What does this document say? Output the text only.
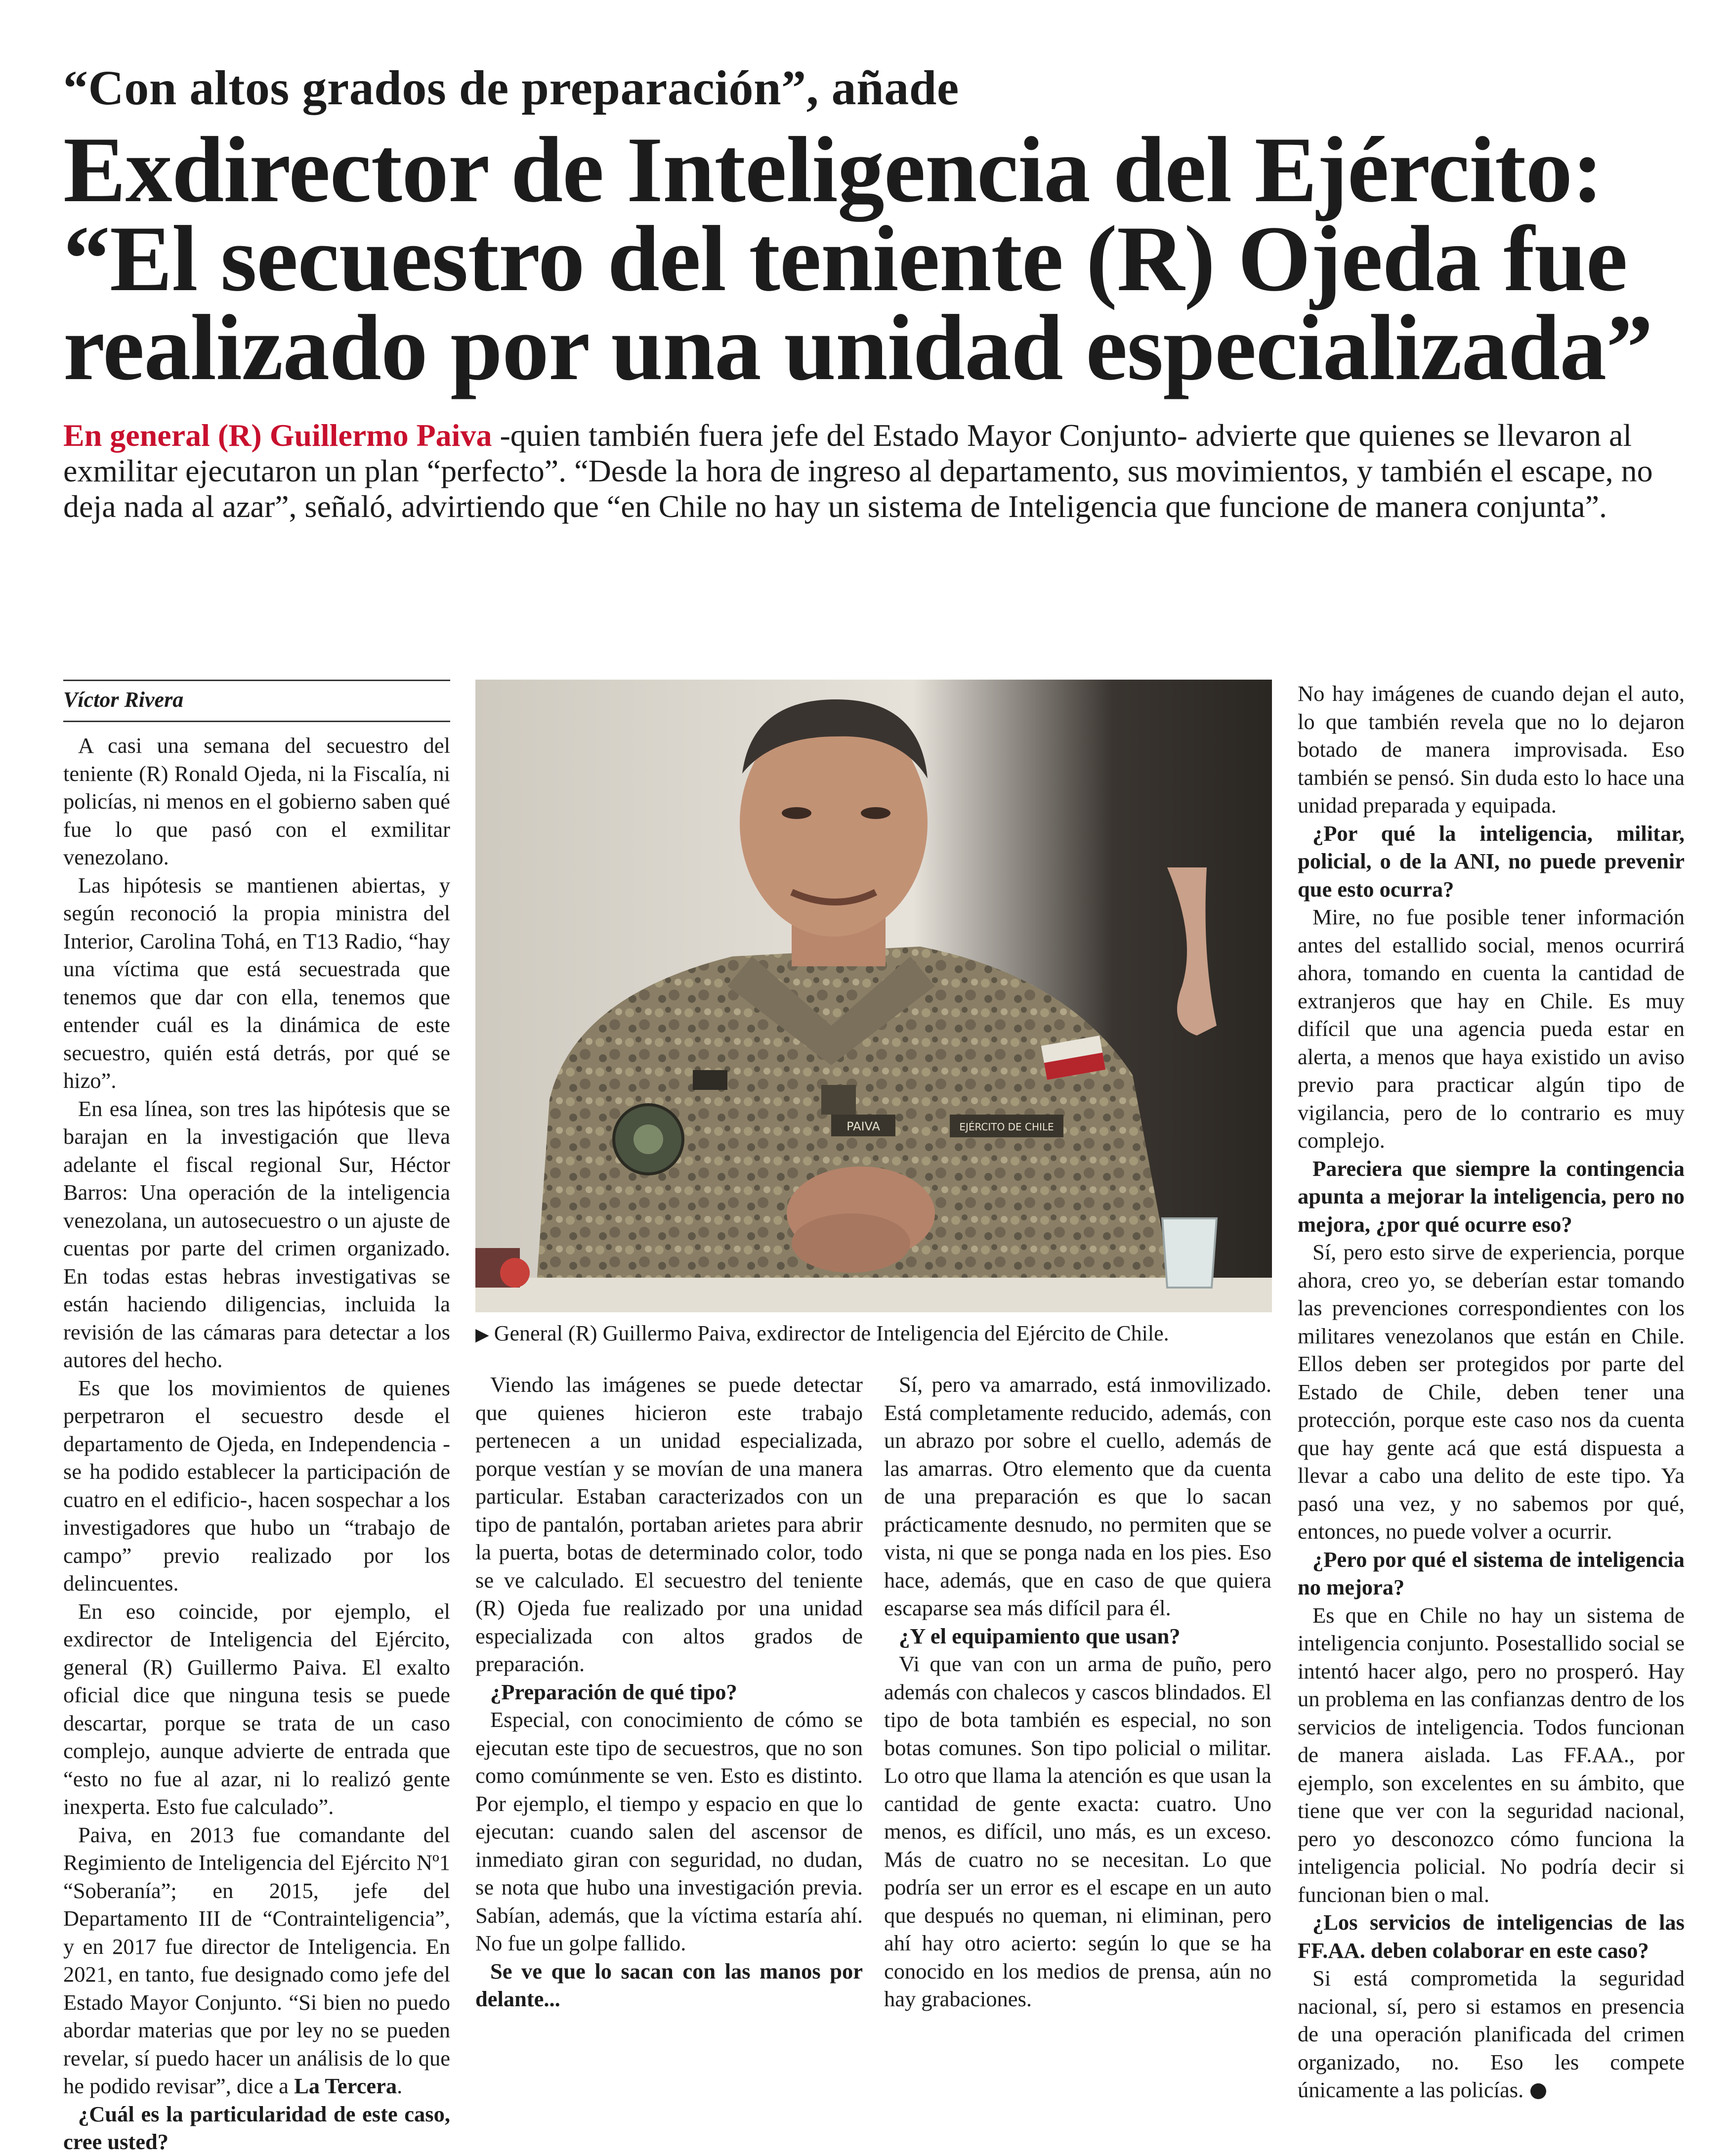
“Con altos grados de preparación”, añade
Exdirector de Inteligencia del Ejército:
“El secuestro del teniente (R) Ojeda fue
realizado por una unidad especializada”
En general (R) Guillermo Paiva -quien también fuera jefe del Estado Mayor Conjunto- advierte que quienes se llevaron al exmilitar ejecutaron un plan “perfecto”. “Desde la hora de ingreso al departamento, sus movimientos, y también el escape, no deja nada al azar”, señaló, advirtiendo que “en Chile no hay un sistema de Inteligencia que funcione de manera conjunta”.
Víctor Rivera

A casi una semana del secuestro del teniente (R) Ronald Ojeda, ni la Fiscalía, ni policías, ni menos en el gobierno saben qué fue lo que pasó con el exmilitar venezolano.

Las hipótesis se mantienen abiertas, y según reconoció la propia ministra del Interior, Carolina Tohá, en T13 Radio, “hay una víctima que está secuestrada que tenemos que dar con ella, tenemos que entender cuál es la dinámica de este secuestro, quién está detrás, por qué se hizo”.

En esa línea, son tres las hipótesis que se barajan en la investigación que lleva adelante el fiscal regional Sur, Héctor Barros: Una operación de la inteligencia venezolana, un autosecuestro o un ajuste de cuentas por parte del crimen organizado. En todas estas hebras investigativas se están haciendo diligencias, incluida la revisión de las cámaras para detectar a los autores del hecho.

Es que los movimientos de quienes perpetraron el secuestro desde el departamento de Ojeda, en Independencia -se ha podido establecer la participación de cuatro en el edificio-, hacen sospechar a los investigadores que hubo un “trabajo de campo” previo realizado por los delincuentes.

En eso coincide, por ejemplo, el exdirector de Inteligencia del Ejército, general (R) Guillermo Paiva. El exalto oficial dice que ninguna tesis se puede descartar, porque se trata de un caso complejo, aunque advierte de entrada que “esto no fue al azar, ni lo realizó gente inexperta. Esto fue calculado”.

Paiva, en 2013 fue comandante del Regimiento de Inteligencia del Ejército Nº1 “Soberanía”; en 2015, jefe del Departamento III de “Contrainteligencia”, y en 2017 fue director de Inteligencia. En 2021, en tanto, fue designado como jefe del Estado Mayor Conjunto. “Si bien no puedo abordar materias que por ley no se pueden revelar, sí puedo hacer un análisis de lo que he podido revisar”, dice a La Tercera.

¿Cuál es la particularidad de este caso, cree usted?

PAIVA	EJÉRCITO DE CHILE
▶ General (R) Guillermo Paiva, exdirector de Inteligencia del Ejército de Chile.

Viendo las imágenes se puede detectar que quienes hicieron este trabajo pertenecen a un unidad especializada, porque vestían y se movían de una manera particular. Estaban caracterizados con un tipo de pantalón, portaban arietes para abrir la puerta, botas de determinado color, todo se ve calculado. El secuestro del teniente (R) Ojeda fue realizado por una unidad especializada con altos grados de preparación.

¿Preparación de qué tipo?

Especial, con conocimiento de cómo se ejecutan este tipo de secuestros, que no son como comúnmente se ven. Esto es distinto. Por ejemplo, el tiempo y espacio en que lo ejecutan: cuando salen del ascensor de inmediato giran con seguridad, no dudan, se nota que hubo una investigación previa. Sabían, además, que la víctima estaría ahí. No fue un golpe fallido.

Se ve que lo sacan con las manos por delante...

Sí, pero va amarrado, está inmovilizado. Está completamente reducido, además, con un abrazo por sobre el cuello, además de las amarras. Otro elemento que da cuenta de una preparación es que lo sacan prácticamente desnudo, no permiten que se vista, ni que se ponga nada en los pies. Eso hace, además, que en caso de que quiera escaparse sea más difícil para él.

¿Y el equipamiento que usan?

Vi que van con un arma de puño, pero además con chalecos y cascos blindados. El tipo de bota también es especial, no son botas comunes. Son tipo policial o militar. Lo otro que llama la atención es que usan la cantidad de gente exacta: cuatro. Uno menos, es difícil, uno más, es un exceso. Más de cuatro no se necesitan. Lo que podría ser un error es el escape en un auto que después no queman, ni eliminan, pero ahí hay otro acierto: según lo que se ha conocido en los medios de prensa, aún no hay grabaciones.

No hay imágenes de cuando dejan el auto, lo que también revela que no lo dejaron botado de manera improvisada. Eso también se pensó. Sin duda esto lo hace una unidad preparada y equipada.

¿Por qué la inteligencia, militar, policial, o de la ANI, no puede prevenir que esto ocurra?

Mire, no fue posible tener información antes del estallido social, menos ocurrirá ahora, tomando en cuenta la cantidad de extranjeros que hay en Chile. Es muy difícil que una agencia pueda estar en alerta, a menos que haya existido un aviso previo para practicar algún tipo de vigilancia, pero de lo contrario es muy complejo.

Pareciera que siempre la contingencia apunta a mejorar la inteligencia, pero no mejora, ¿por qué ocurre eso?

Sí, pero esto sirve de experiencia, porque ahora, creo yo, se deberían estar tomando las prevenciones correspondientes con los militares venezolanos que están en Chile. Ellos deben ser protegidos por parte del Estado de Chile, deben tener una protección, porque este caso nos da cuenta que hay gente acá que está dispuesta a llevar a cabo una delito de este tipo. Ya pasó una vez, y no sabemos por qué, entonces, no puede volver a ocurrir.

¿Pero por qué el sistema de inteligencia no mejora?

Es que en Chile no hay un sistema de inteligencia conjunto. Posestallido social se intentó hacer algo, pero no prosperó. Hay un problema en las confianzas dentro de los servicios de inteligencia. Todos funcionan de manera aislada. Las FF.AA., por ejemplo, son excelentes en su ámbito, que tiene que ver con la seguridad nacional, pero yo desconozco cómo funciona la inteligencia policial. No podría decir si funcionan bien o mal.

¿Los servicios de inteligencias de las FF.AA. deben colaborar en este caso?

Si está comprometida la seguridad nacional, sí, pero si estamos en presencia de una operación planificada del crimen organizado, no. Eso les compete únicamente a las policías.
